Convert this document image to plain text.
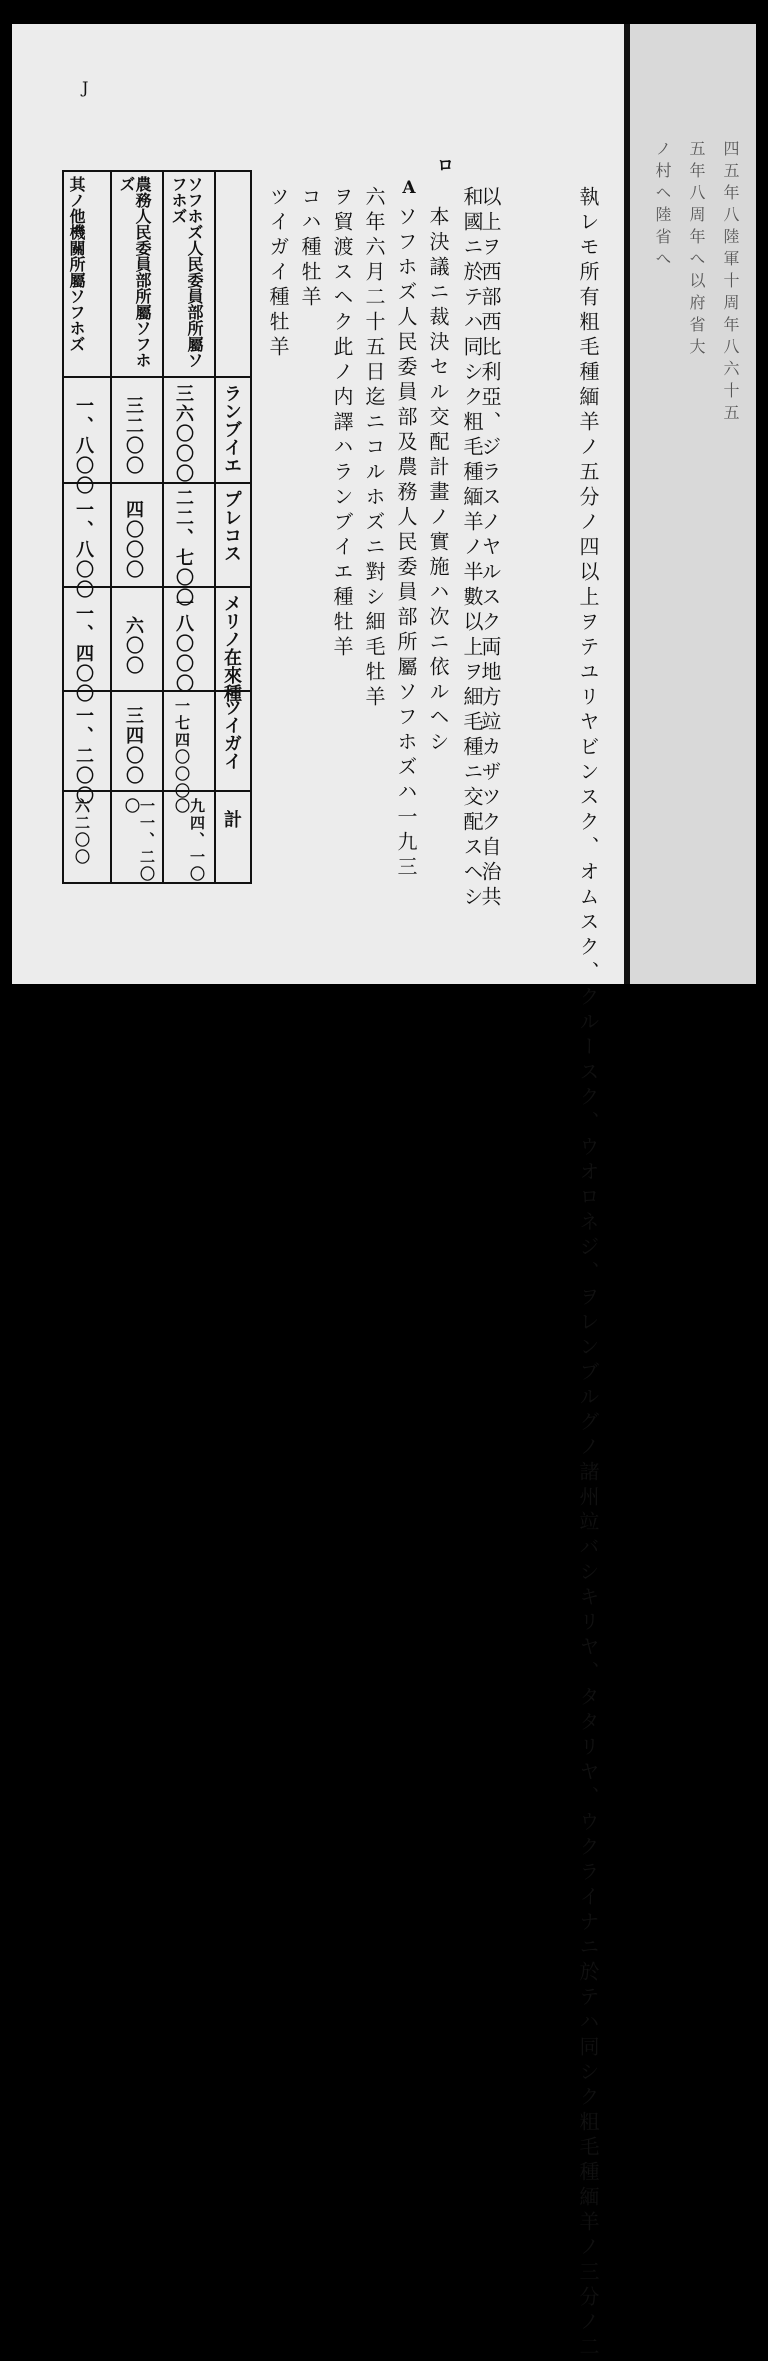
J
ロ
A	執レモ所有粗毛種緬羊ノ五分ノ四以上ヲテユリヤビンスク、オムスク、クルースク、ウオロネジ、ヲレンブルグノ諸州竝バシキリヤ、タタリヤ、ウクライナニ於テハ同シク粗毛種緬羊ノ三分ノ二
以上ヲ西部西比利亞、ジラスノヤルスク両地方竝カザツク自治共
和國ニ於テハ同シク粗毛種緬羊ノ半數以上ヲ細毛種ニ交配スヘシ
本決議ニ裁決セル交配計畫ノ實施ハ次ニ依ルヘシ
ソフホズ人民委員部及農務人民委員部所屬ソフホズハ一九三
六年六月二十五日迄ニコルホズニ對シ細毛牡羊
ヲ貿渡スヘク此ノ内譯ハランブイエ種牡羊
コハ種牡羊
ツイガイ種牡羊
ソフホズ人民委員部所屬ソフホズ
農務人民委員部所屬ソフホズ
其ノ他機關所屬ソフホズ
ランブイエ
プレコス
メリノ在來種
ツイガイ
計
三六〇〇〇
三二〇〇
一、八〇〇
二二、七〇〇
四〇〇〇
一、八〇〇
一八〇〇〇
六〇〇
一、四〇〇
一七四〇〇〇
三四〇〇
一、二〇〇
九四、一〇〇
一一、二〇〇
六二〇〇
四五年八陸軍十周年八六十五
五年八周年へ以府省大
ノ村ヘ陸省へ
